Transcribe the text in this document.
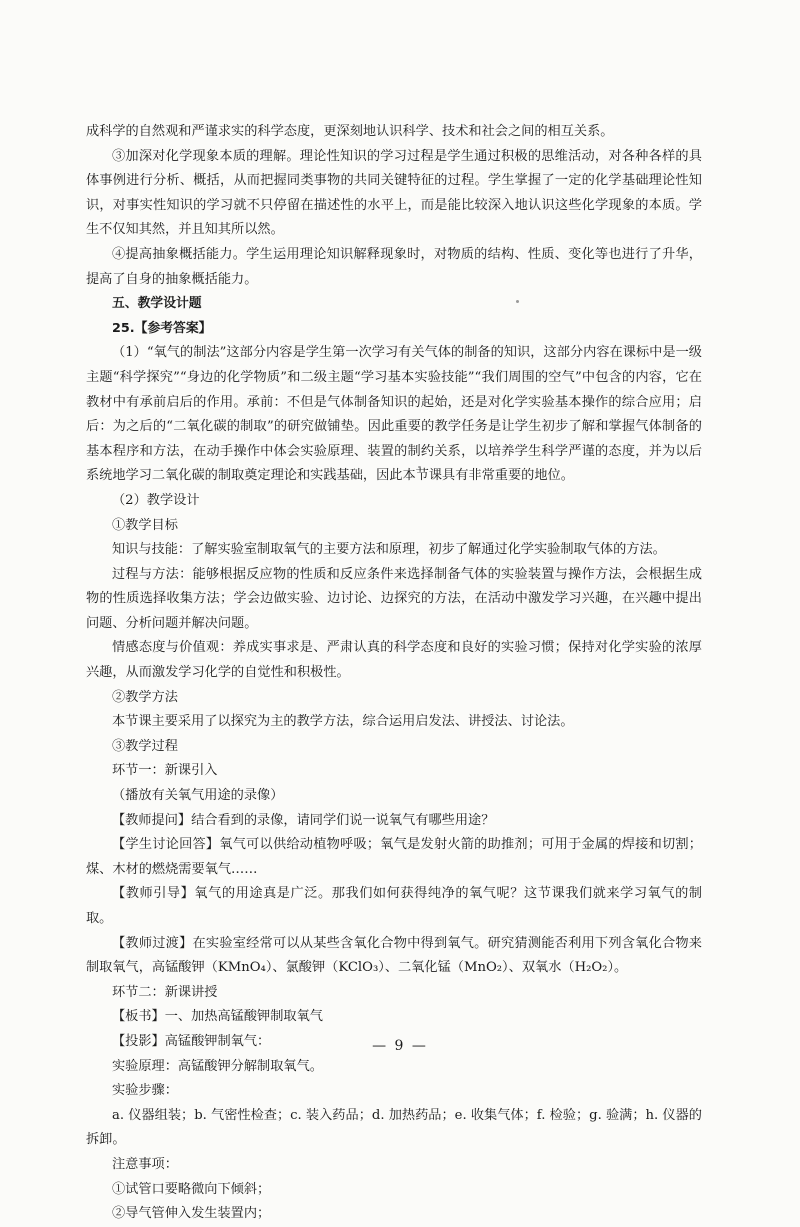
成科学的自然观和严谨求实的科学态度，更深刻地认识科学、技术和社会之间的相互关系。

③加深对化学现象本质的理解。理论性知识的学习过程是学生通过积极的思维活动，对各种各样的具体事例进行分析、概括，从而把握同类事物的共同关键特征的过程。学生掌握了一定的化学基础理论性知识，对事实性知识的学习就不只停留在描述性的水平上，而是能比较深入地认识这些化学现象的本质。学生不仅知其然，并且知其所以然。

④提高抽象概括能力。学生运用理论知识解释现象时，对物质的结构、性质、变化等也进行了升华，提高了自身的抽象概括能力。

五、教学设计题

25.【参考答案】

（1）“氧气的制法”这部分内容是学生第一次学习有关气体的制备的知识，这部分内容在课标中是一级主题“科学探究”“身边的化学物质”和二级主题“学习基本实验技能”“我们周围的空气”中包含的内容，它在教材中有承前启后的作用。承前：不但是气体制备知识的起始，还是对化学实验基本操作的综合应用；启后：为之后的“二氧化碳的制取”的研究做铺垫。因此重要的教学任务是让学生初步了解和掌握气体制备的基本程序和方法，在动手操作中体会实验原理、装置的制约关系，以培养学生科学严谨的态度，并为以后系统地学习二氧化碳的制取奠定理论和实践基础，因此本节课具有非常重要的地位。

（2）教学设计

①教学目标

知识与技能：了解实验室制取氧气的主要方法和原理，初步了解通过化学实验制取气体的方法。

过程与方法：能够根据反应物的性质和反应条件来选择制备气体的实验装置与操作方法，会根据生成物的性质选择收集方法；学会边做实验、边讨论、边探究的方法，在活动中激发学习兴趣，在兴趣中提出问题、分析问题并解决问题。

情感态度与价值观：养成实事求是、严肃认真的科学态度和良好的实验习惯；保持对化学实验的浓厚兴趣，从而激发学习化学的自觉性和积极性。

②教学方法

本节课主要采用了以探究为主的教学方法，综合运用启发法、讲授法、讨论法。

③教学过程

环节一：新课引入

（播放有关氧气用途的录像）

【教师提问】结合看到的录像，请同学们说一说氧气有哪些用途？

【学生讨论回答】氧气可以供给动植物呼吸；氧气是发射火箭的助推剂；可用于金属的焊接和切割；煤、木材的燃烧需要氧气……

【教师引导】氧气的用途真是广泛。那我们如何获得纯净的氧气呢？这节课我们就来学习氧气的制取。

【教师过渡】在实验室经常可以从某些含氧化合物中得到氧气。研究猜测能否利用下列含氧化合物来制取氧气，高锰酸钾（KMnO₄）、氯酸钾（KClO₃）、二氧化锰（MnO₂）、双氧水（H₂O₂）。

环节二：新课讲授

【板书】一、加热高锰酸钾制取氧气

【投影】高锰酸钾制氧气：

实验原理：高锰酸钾分解制取氧气。

实验步骤：

a. 仪器组装；b. 气密性检查；c. 装入药品；d. 加热药品；e. 收集气体；f. 检验；g. 验满；h. 仪器的拆卸。

注意事项：

①试管口要略微向下倾斜；

②导气管伸入发生装置内；

— 9 —
